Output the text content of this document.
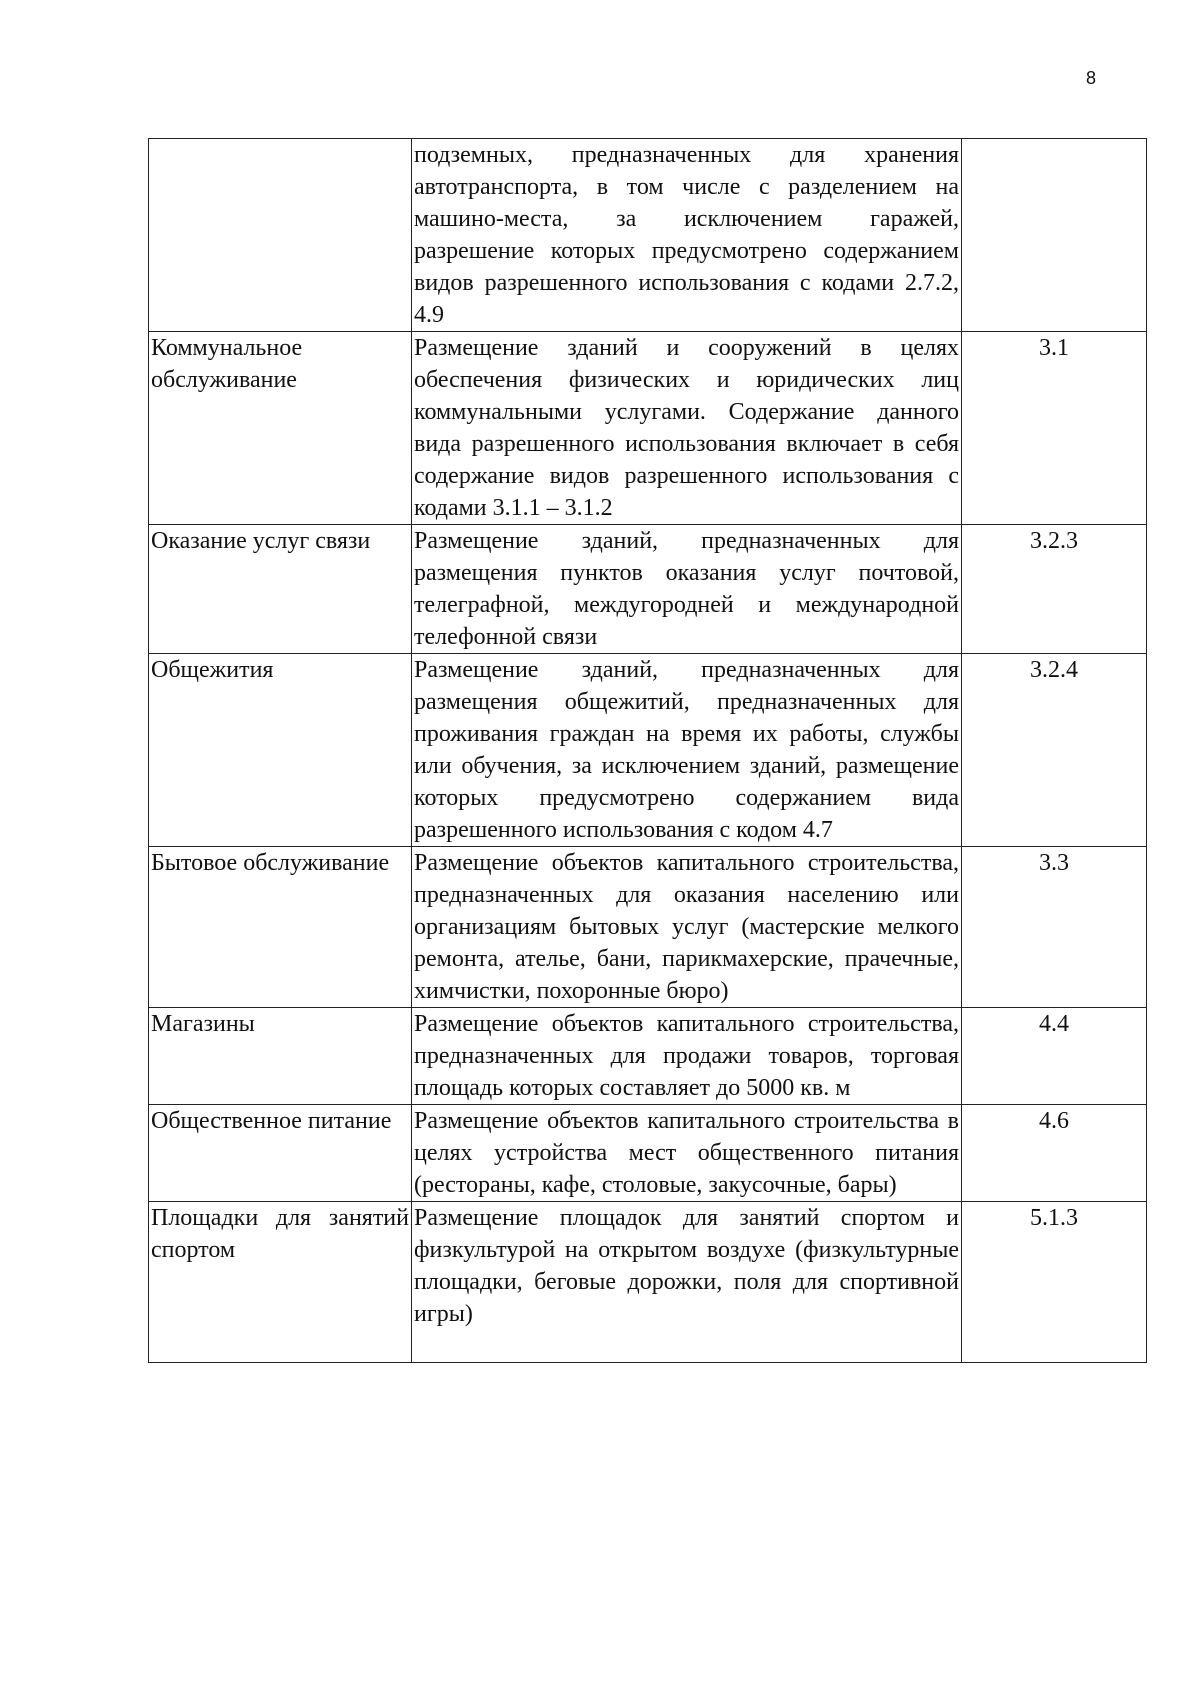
8
	подземных, предназначенных для хранения автотранспорта, в том числе с разделением на машино-места, за исключением гаражей, разрешение которых предусмотрено содержанием видов разрешенного использования с кодами 2.7.2, 4.9	
Коммунальное обслуживание	Размещение зданий и сооружений в целях обеспечения физических и юридических лиц коммунальными услугами. Содержание данного вида разрешенного использования включает в себя содержание видов разрешенного использования с кодами 3.1.1 – 3.1.2	3.1
Оказание услуг связи	Размещение зданий, предназначенных для размещения пунктов оказания услуг почтовой, телеграфной, междугородней и международной телефонной связи	3.2.3
Общежития	Размещение зданий, предназначенных для размещения общежитий, предназначенных для проживания граждан на время их работы, службы или обучения, за исключением зданий, размещение которых предусмотрено содержанием вида разрешенного использования с кодом 4.7	3.2.4
Бытовое обслуживание	Размещение объектов капитального строительства, предназначенных для оказания населению или организациям бытовых услуг (мастерские мелкого ремонта, ателье, бани, парикмахерские, прачечные, химчистки, похоронные бюро)	3.3
Магазины	Размещение объектов капитального строительства, предназначенных для продажи товаров, торговая площадь которых составляет до 5000 кв. м	4.4
Общественное питание	Размещение объектов капитального строительства в целях устройства мест общественного питания (рестораны, кафе, столовые, закусочные, бары)	4.6
Площадки для занятий спортом	Размещение площадок для занятий спортом и физкультурой на открытом воздухе (физкультурные площадки, беговые дорожки, поля для спортивной игры)	5.1.3
